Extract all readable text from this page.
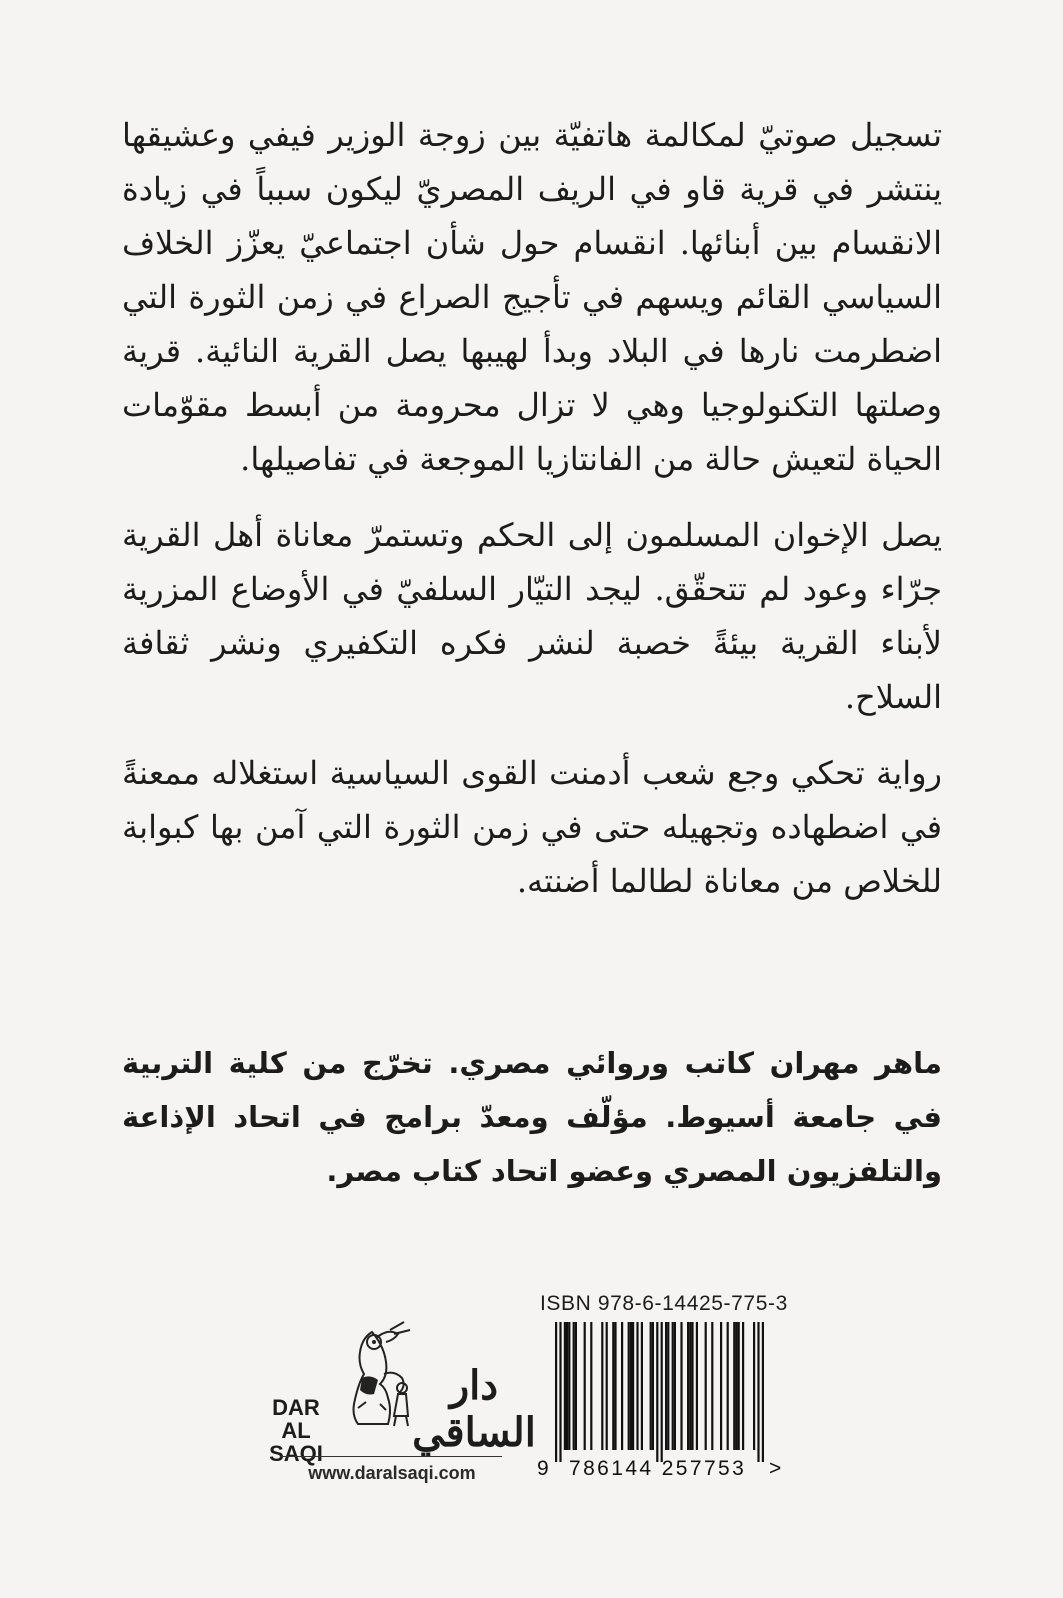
تسجيل صوتيّ لمكالمة هاتفيّة بين زوجة الوزير فيفي وعشيقها ينتشر في قرية قاو في الريف المصريّ ليكون سبباً في زيادة الانقسام بين أبنائها. انقسام حول شأن اجتماعيّ يعزّز الخلاف السياسي القائم ويسهم في تأجيج الصراع في زمن الثورة التي اضطرمت نارها في البلاد وبدأ لهيبها يصل القرية النائية. قرية وصلتها التكنولوجيا وهي لا تزال محرومة من أبسط مقوّمات الحياة لتعيش حالة من الفانتازيا الموجعة في تفاصيلها.

يصل الإخوان المسلمون إلى الحكم وتستمرّ معاناة أهل القرية جرّاء وعود لم تتحقّق. ليجد التيّار السلفيّ في الأوضاع المزرية لأبناء القرية بيئةً خصبة لنشر فكره التكفيري ونشر ثقافة السلاح.

رواية تحكي وجع شعب أدمنت القوى السياسية استغلاله ممعنةً في اضطهاده وتجهيله حتى في زمن الثورة التي آمن بها كبوابة للخلاص من معاناة لطالما أضنته.

ماهر مهران كاتب وروائي مصري. تخرّج من كلية التربية في جامعة أسيوط. مؤلّف ومعدّ برامج في اتحاد الإذاعة والتلفزيون المصري وعضو اتحاد كتاب مصر.

DAR
AL SAQI
دار الساقي
www.daralsaqi.com
ISBN 978-6-14425-775-3
9 786144 257753 >
